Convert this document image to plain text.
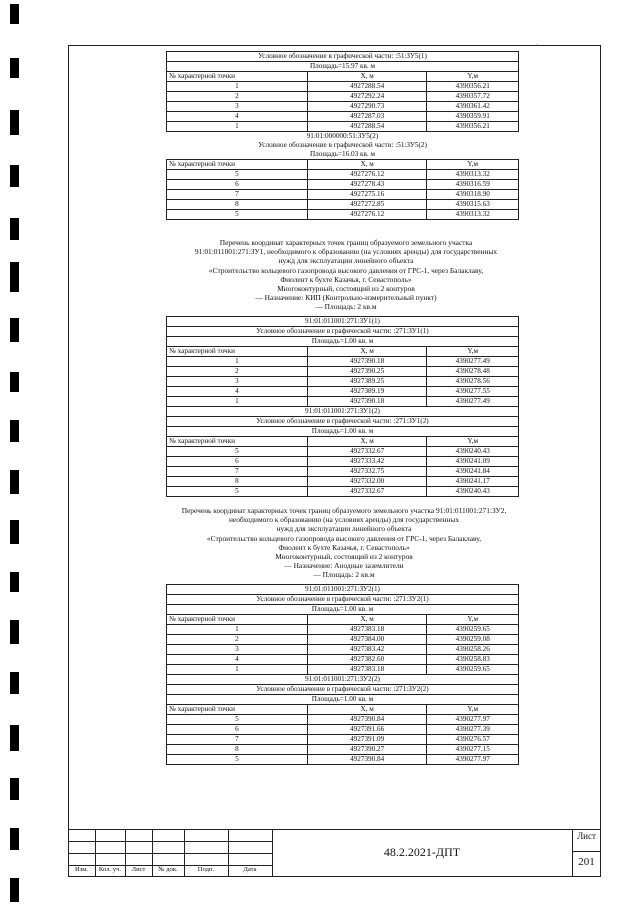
`
Условное обозначение в графической части: :51:ЗУ5(1)		
Площадь=15.97 кв. м		
№ характерной точки	X, м	Y,м
1	4927288.54	4390356.21
2	4927292.24	4390357.72
3	4927290.73	4390361.42
4	4927287.03	4390359.91
1	4927288.54	4390356.21
91:01:000000:51:ЗУ5(2)		
Условное обозначение в графической части: :51:ЗУ5(2)		
Площадь=16.03 кв. м		
№ характерной точки	X, м	Y,м
5	4927276.12	4390313.32
6	4927278.43	4390316.59
7	4927275.16	4390318.90
8	4927272.85	4390315.63
5	4927276.12	4390313.32
Перечень координат характерных точек границ образуемого земельного участка
91:01:011001:271:ЗУ1, необходимого к образованию (на условиях аренды) для государственных
нужд для эксплуатации линейного объекта
«Строительство кольцевого газопровода высокого давления от ГРС-1, через Балаклаву,
Фиолент к бухте Казачья, г. Севастополь»
Многоконтурный, состоящий из 2 контуров
— Назначение: КИП (Контрольно-измерительный пункт)
— Площадь: 2 кв.м
91:01:011001:271:ЗУ1(1)		
Условное обозначение в графической части: :271:ЗУ1(1)		
Площадь=1.00 кв. м		
№ характерной точки	X, м	Y,м
1	4927390.18	4390277.49
2	4927390.25	4390278.48
3	4927389.25	4390278.56
4	4927389.19	4390277.55
1	4927390.18	4390277.49
91:01:011001:271:ЗУ1(2)		
Условное обозначение в графической части: :271:ЗУ1(2)		
Площадь=1.00 кв. м		
№ характерной точки	X, м	Y,м
5	4927332.67	4390240.43
6	4927333.42	4390241.09
7	4927332.75	4390241.84
8	4927332.00	4390241.17
5	4927332.67	4390240.43
Перечень координат характерных точек границ образуемого земельного участка 91:01:011001:271:ЗУ2,
необходимого к образованию (на условиях аренды) для государственных
нужд для эксплуатации линейного объекта
«Строительство кольцевого газопровода высокого давления от ГРС-1, через Балаклаву,
Фиолент к бухте Казачья, г. Севастополь»
Многоконтурный, состоящий из 2 контуров
— Назначение: Анодные заземлители
— Площадь: 2 кв.м
91:01:011001:271:ЗУ2(1)		
Условное обозначение в графической части: :271:ЗУ2(1)		
Площадь=1.00 кв. м		
№ характерной точки	X, м	Y,м
1	4927383.18	4390259.65
2	4927384.00	4390259.08
3	4927383.42	4390258.26
4	4927382.60	4390258.83
1	4927383.18	4390259.65
91:01:011001:271:ЗУ2(2)		
Условное обозначение в графической части: :271:ЗУ2(2)		
Площадь=1.00 кв. м		
№ характерной точки	X, м	Y,м
5	4927390.84	4390277.97
6	4927391.66	4390277.39
7	4927391.09	4390276.57
8	4927390.27	4390277.15
5	4927390.84	4390277.97
Изм.	Кол. уч.	Лист	№ док.	Подп.	Дата
48.2.2021-ДПТ
Лист
201
